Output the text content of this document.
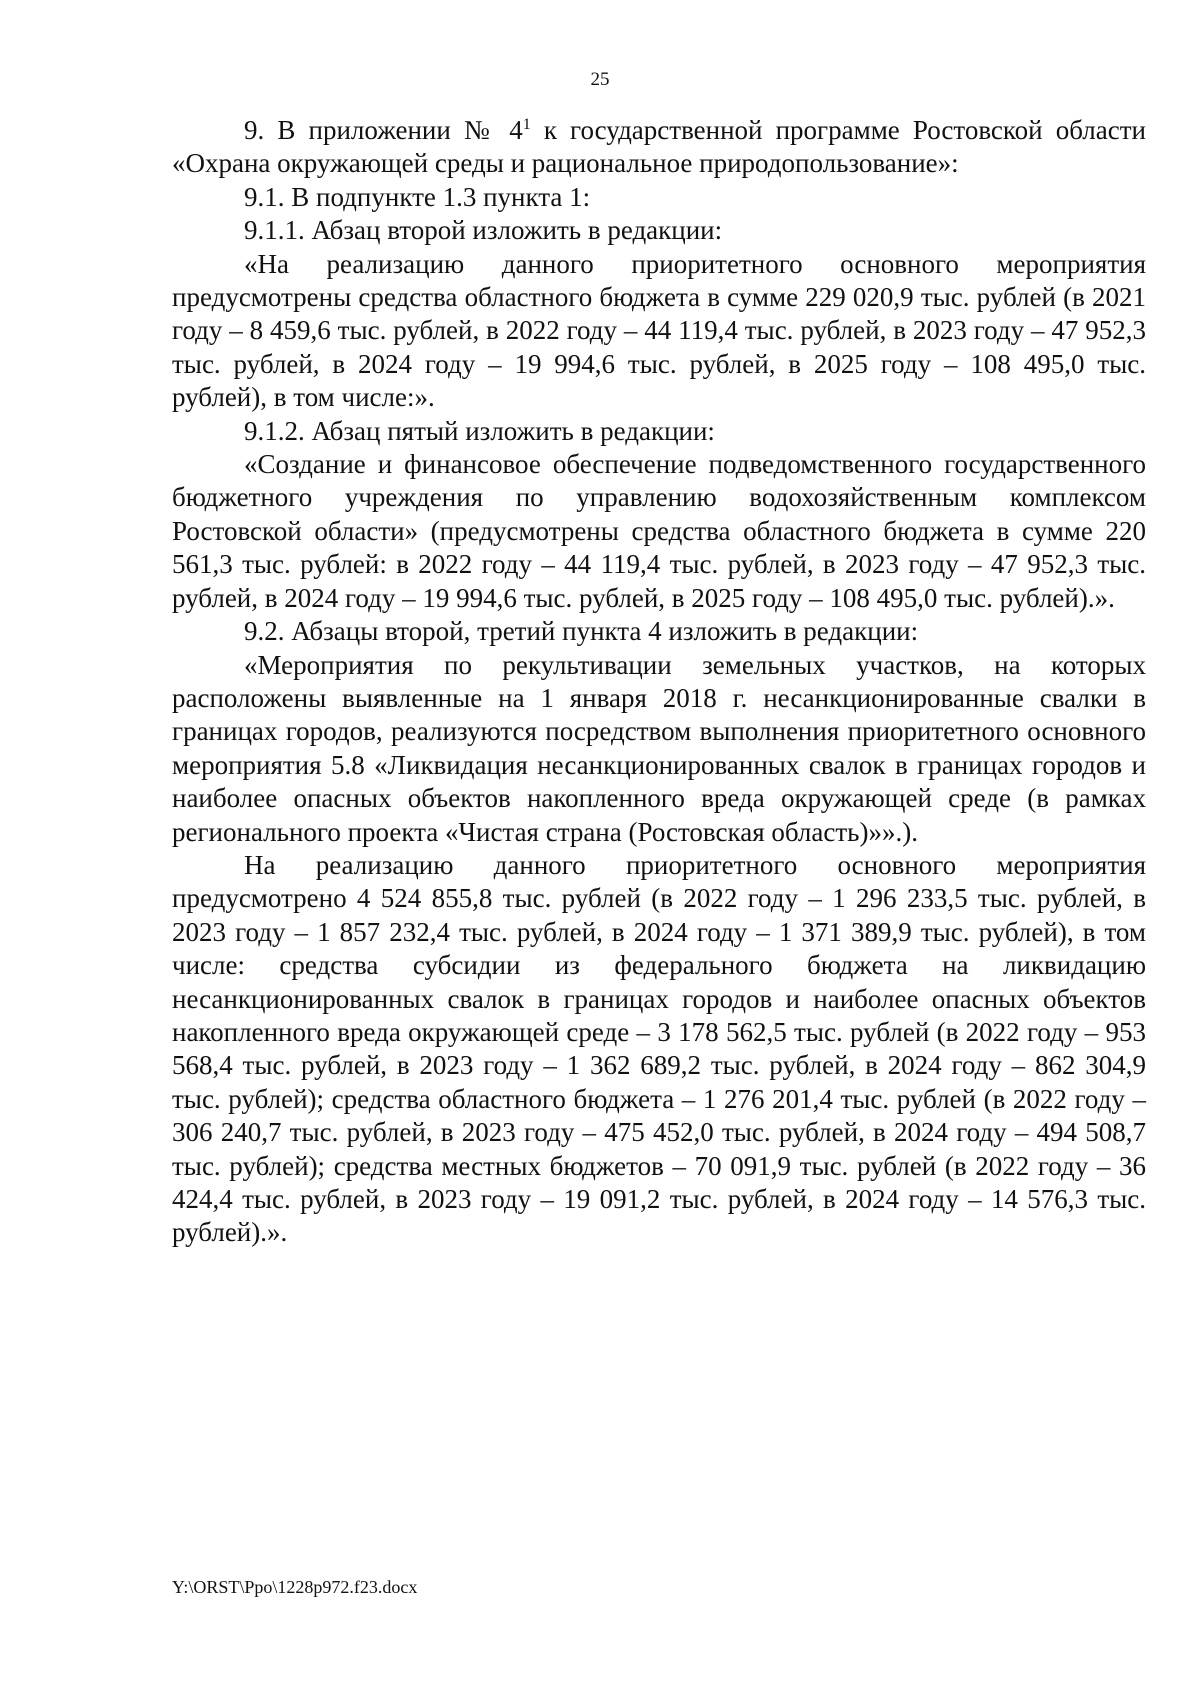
25

9. В приложении № $4^1$ к государственной программе Ростовской области «Охрана окружающей среды и рациональное природопользование»:

9.1. В подпункте 1.3 пункта 1:

9.1.1. Абзац второй изложить в редакции:

«На реализацию данного приоритетного основного мероприятия предусмотрены средства областного бюджета в сумме 229 020,9 тыс. рублей (в 2021 году – 8 459,6 тыс. рублей, в 2022 году – 44 119,4 тыс. рублей, в 2023 году – 47 952,3 тыс. рублей, в 2024 году – 19 994,6 тыс. рублей, в 2025 году – 108 495,0 тыс. рублей), в том числе:».

9.1.2. Абзац пятый изложить в редакции:

«Создание и финансовое обеспечение подведомственного государственного бюджетного учреждения по управлению водохозяйственным комплексом Ростовской области» (предусмотрены средства областного бюджета в сумме 220 561,3 тыс. рублей: в 2022 году – 44 119,4 тыс. рублей, в 2023 году – 47 952,3 тыс. рублей, в 2024 году – 19 994,6 тыс. рублей, в 2025 году – 108 495,0 тыс. рублей).».

9.2. Абзацы второй, третий пункта 4 изложить в редакции:

«Мероприятия по рекультивации земельных участков, на которых расположены выявленные на 1 января 2018 г. несанкционированные свалки в границах городов, реализуются посредством выполнения приоритетного основного мероприятия 5.8 «Ликвидация несанкционированных свалок в границах городов и наиболее опасных объектов накопленного вреда окружающей среде (в рамках регионального проекта «Чистая страна (Ростовская область)»».).

На реализацию данного приоритетного основного мероприятия предусмотрено 4 524 855,8 тыс. рублей (в 2022 году – 1 296 233,5 тыс. рублей, в 2023 году – 1 857 232,4 тыс. рублей, в 2024 году – 1 371 389,9 тыс. рублей), в том числе: средства субсидии из федерального бюджета на ликвидацию несанкционированных свалок в границах городов и наиболее опасных объектов накопленного вреда окружающей среде – 3 178 562,5 тыс. рублей (в 2022 году – 953 568,4 тыс. рублей, в 2023 году – 1 362 689,2 тыс. рублей, в 2024 году – 862 304,9 тыс. рублей); средства областного бюджета – 1 276 201,4 тыс. рублей (в 2022 году – 306 240,7 тыс. рублей, в 2023 году – 475 452,0 тыс. рублей, в 2024 году – 494 508,7 тыс. рублей); средства местных бюджетов – 70 091,9 тыс. рублей (в 2022 году – 36 424,4 тыс. рублей, в 2023 году – 19 091,2 тыс. рублей, в 2024 году – 14 576,3 тыс. рублей).».

Y:\ORST\Ppo\1228p972.f23.docx
